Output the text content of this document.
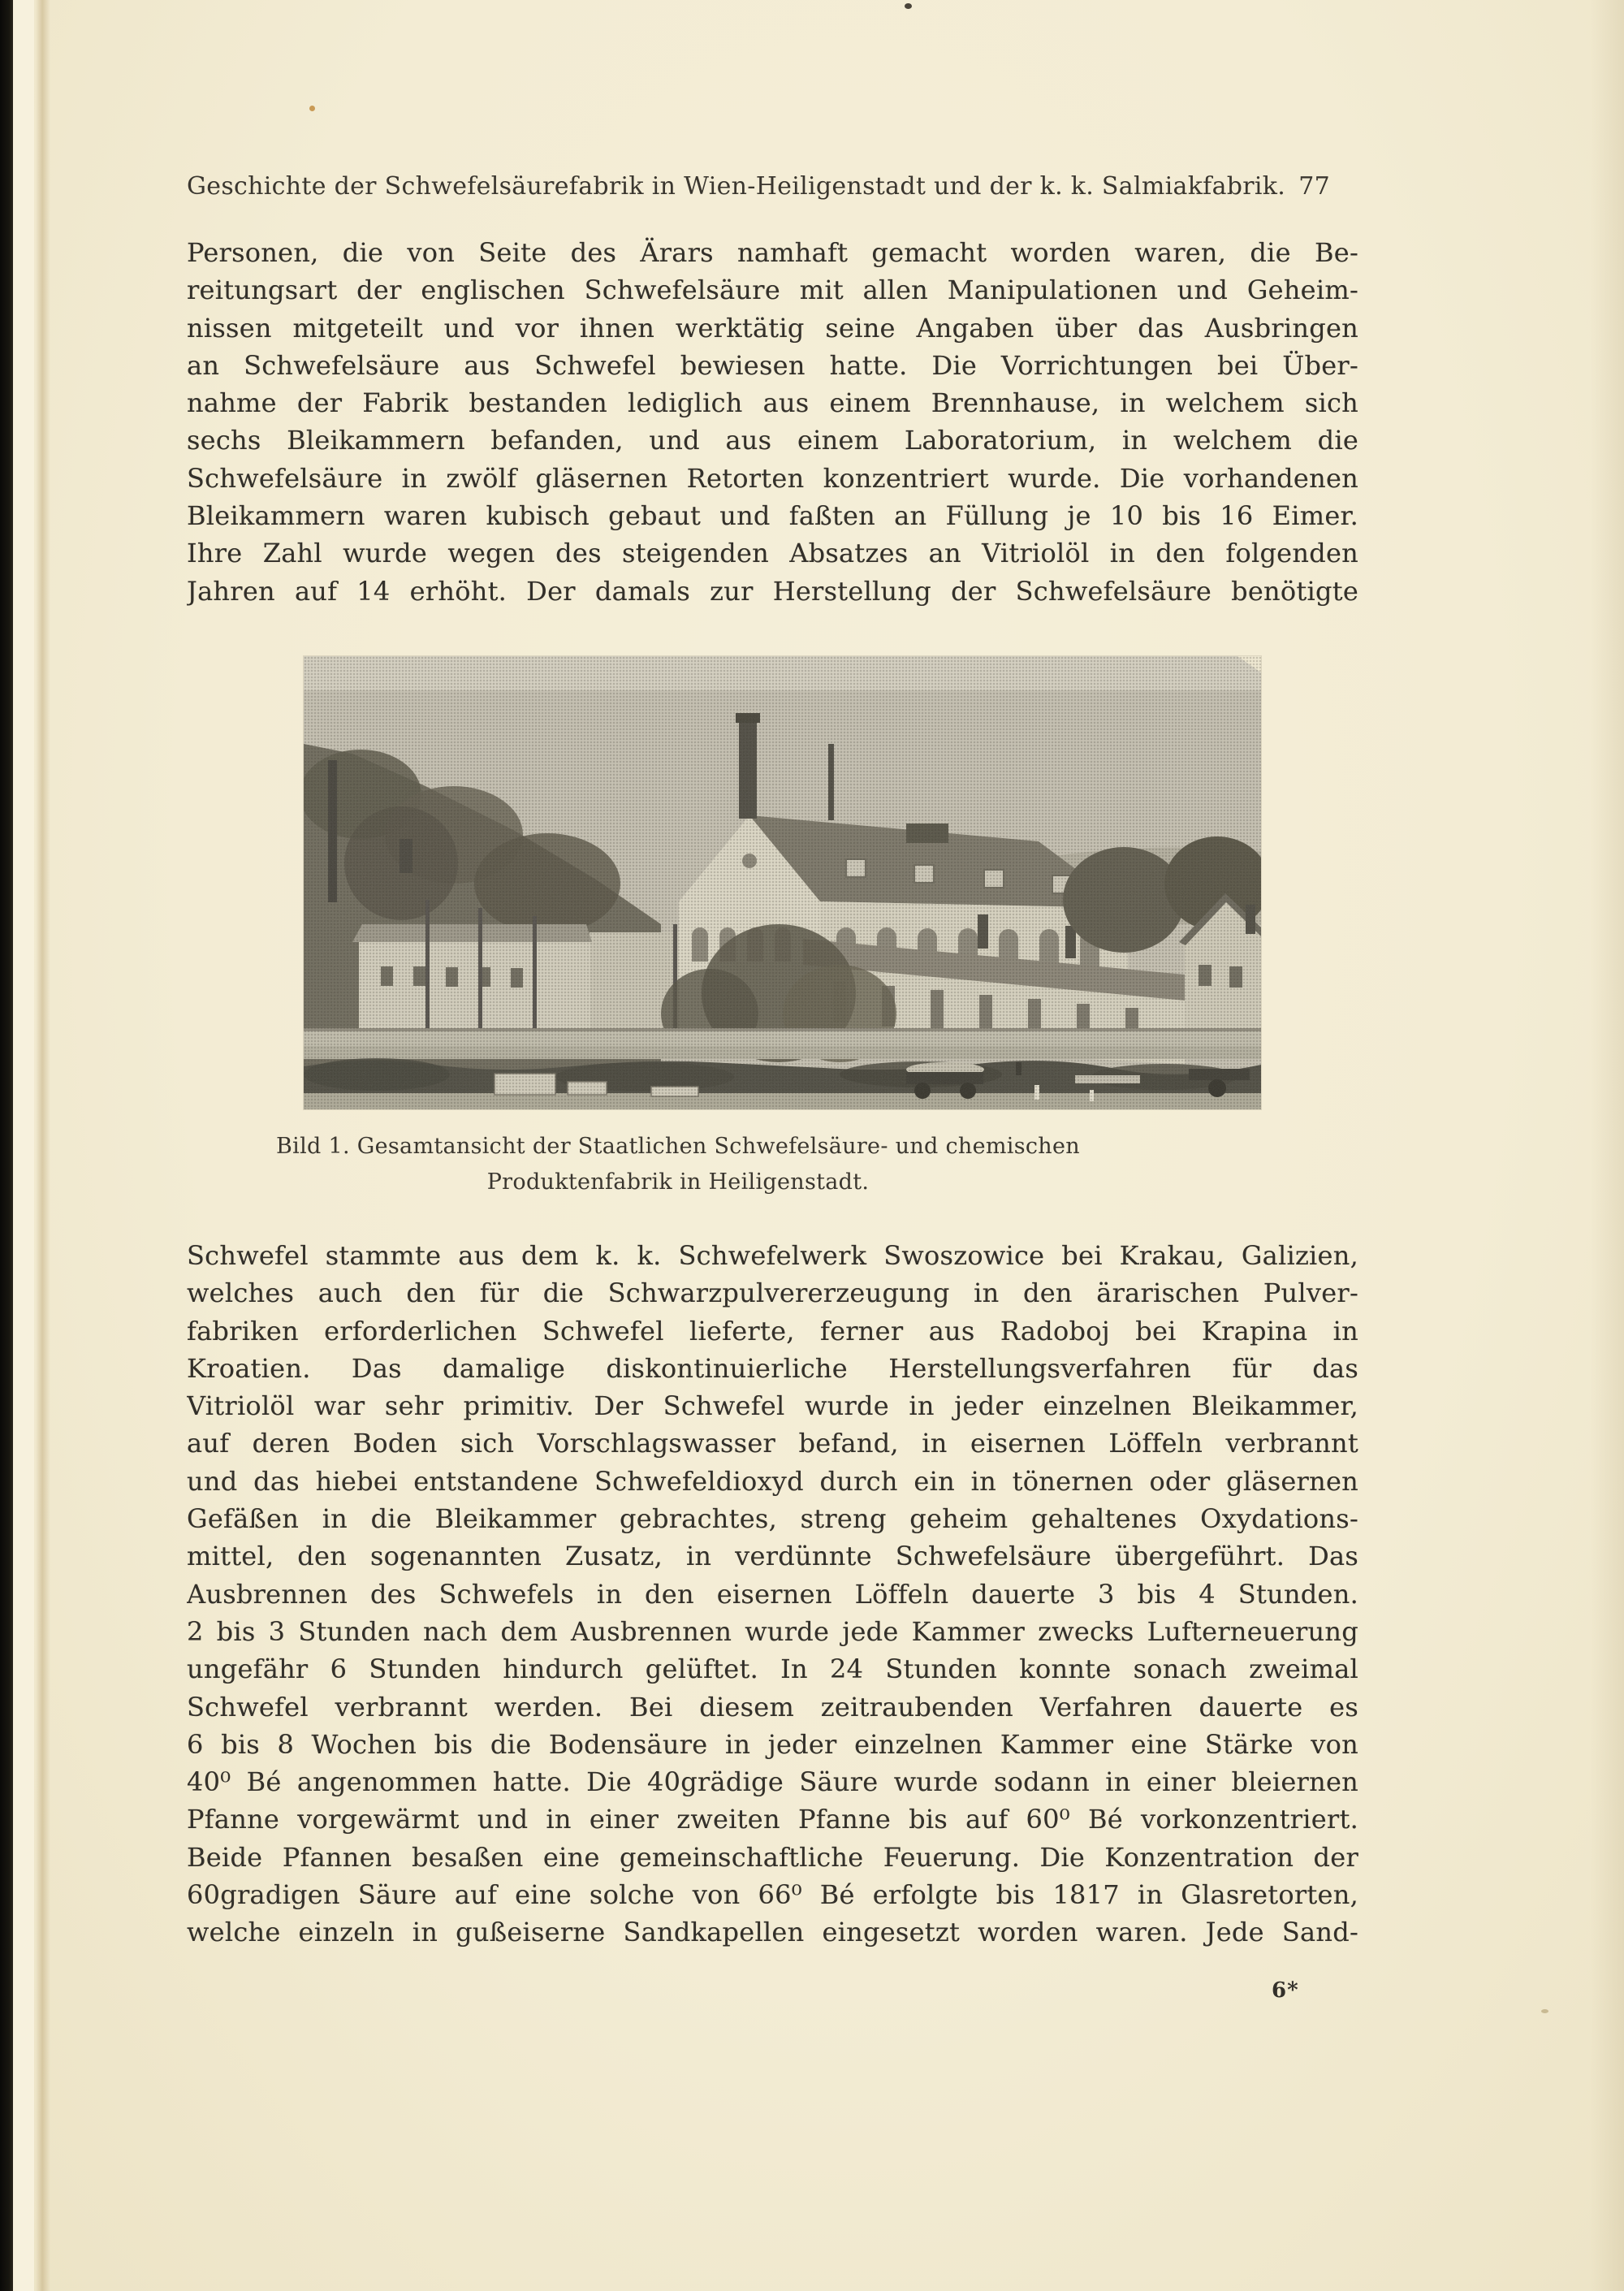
Geschichte der Schwefelsäurefabrik in Wien-Heiligenstadt und der k. k. Salmiakfabrik. 77
Personen, die von Seite des Ärars namhaft gemacht worden waren, die Be-
reitungsart der englischen Schwefelsäure mit allen Manipulationen und Geheim-
nissen mitgeteilt und vor ihnen werktätig seine Angaben über das Ausbringen
an Schwefelsäure aus Schwefel bewiesen hatte. Die Vorrichtungen bei Über-
nahme der Fabrik bestanden lediglich aus einem Brennhause, in welchem sich
sechs Bleikammern befanden, und aus einem Laboratorium, in welchem die
Schwefelsäure in zwölf gläsernen Retorten konzentriert wurde. Die vorhandenen
Bleikammern waren kubisch gebaut und faßten an Füllung je 10 bis 16 Eimer.
Ihre Zahl wurde wegen des steigenden Absatzes an Vitriolöl in den folgenden
Jahren auf 14 erhöht. Der damals zur Herstellung der Schwefelsäure benötigte
Bild 1. Gesamtansicht der Staatlichen Schwefelsäure- und chemischen
Produktenfabrik in Heiligenstadt.
Schwefel stammte aus dem k. k. Schwefelwerk Swoszowice bei Krakau, Galizien,
welches auch den für die Schwarzpulvererzeugung in den ärarischen Pulver-
fabriken erforderlichen Schwefel lieferte, ferner aus Radoboj bei Krapina in
Kroatien. Das damalige diskontinuierliche Herstellungsverfahren für das
Vitriolöl war sehr primitiv. Der Schwefel wurde in jeder einzelnen Bleikammer,
auf deren Boden sich Vorschlagswasser befand, in eisernen Löffeln verbrannt
und das hiebei entstandene Schwefeldioxyd durch ein in tönernen oder gläsernen
Gefäßen in die Bleikammer gebrachtes, streng geheim gehaltenes Oxydations-
mittel, den sogenannten Zusatz, in verdünnte Schwefelsäure übergeführt. Das
Ausbrennen des Schwefels in den eisernen Löffeln dauerte 3 bis 4 Stunden.
2 bis 3 Stunden nach dem Ausbrennen wurde jede Kammer zwecks Lufterneuerung
ungefähr 6 Stunden hindurch gelüftet. In 24 Stunden konnte sonach zweimal
Schwefel verbrannt werden. Bei diesem zeitraubenden Verfahren dauerte es
6 bis 8 Wochen bis die Bodensäure in jeder einzelnen Kammer eine Stärke von
40⁰ Bé angenommen hatte. Die 40grädige Säure wurde sodann in einer bleiernen
Pfanne vorgewärmt und in einer zweiten Pfanne bis auf 60⁰ Bé vorkonzentriert.
Beide Pfannen besaßen eine gemeinschaftliche Feuerung. Die Konzentration der
60gradigen Säure auf eine solche von 66⁰ Bé erfolgte bis 1817 in Glasretorten,
welche einzeln in gußeiserne Sandkapellen eingesetzt worden waren. Jede Sand-
6*
